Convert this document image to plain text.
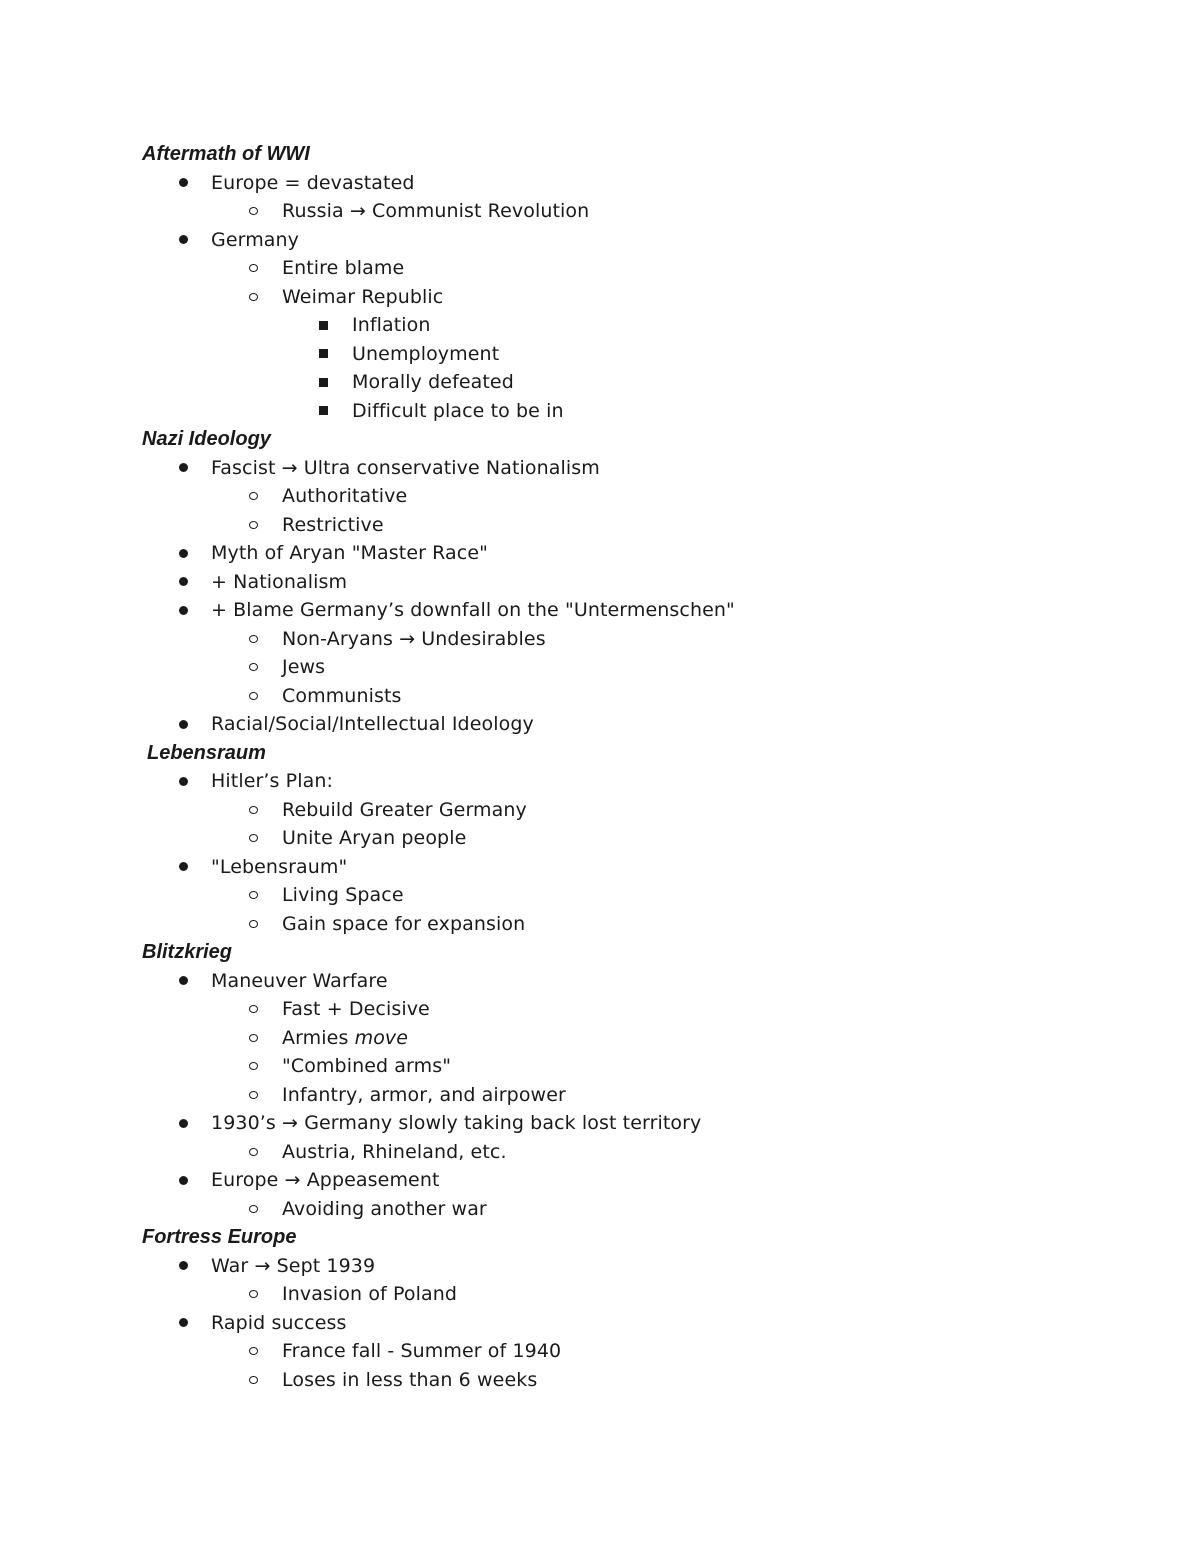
Aftermath of WWI
Europe = devastated
Russia → Communist Revolution
Germany
Entire blame
Weimar Republic
Inflation
Unemployment
Morally defeated
Difficult place to be in
Nazi Ideology
Fascist → Ultra conservative Nationalism
Authoritative
Restrictive
Myth of Aryan "Master Race"
+ Nationalism
+ Blame Germany’s downfall on the "Untermenschen"
Non-Aryans → Undesirables
Jews
Communists
Racial/Social/Intellectual Ideology
Lebensraum
Hitler’s Plan:
Rebuild Greater Germany
Unite Aryan people
"Lebensraum"
Living Space
Gain space for expansion
Blitzkrieg
Maneuver Warfare
Fast + Decisive
Armies move
"Combined arms"
Infantry, armor, and airpower
1930’s → Germany slowly taking back lost territory
Austria, Rhineland, etc.
Europe → Appeasement
Avoiding another war
Fortress Europe
War → Sept 1939
Invasion of Poland
Rapid success
France fall - Summer of 1940
Loses in less than 6 weeks
